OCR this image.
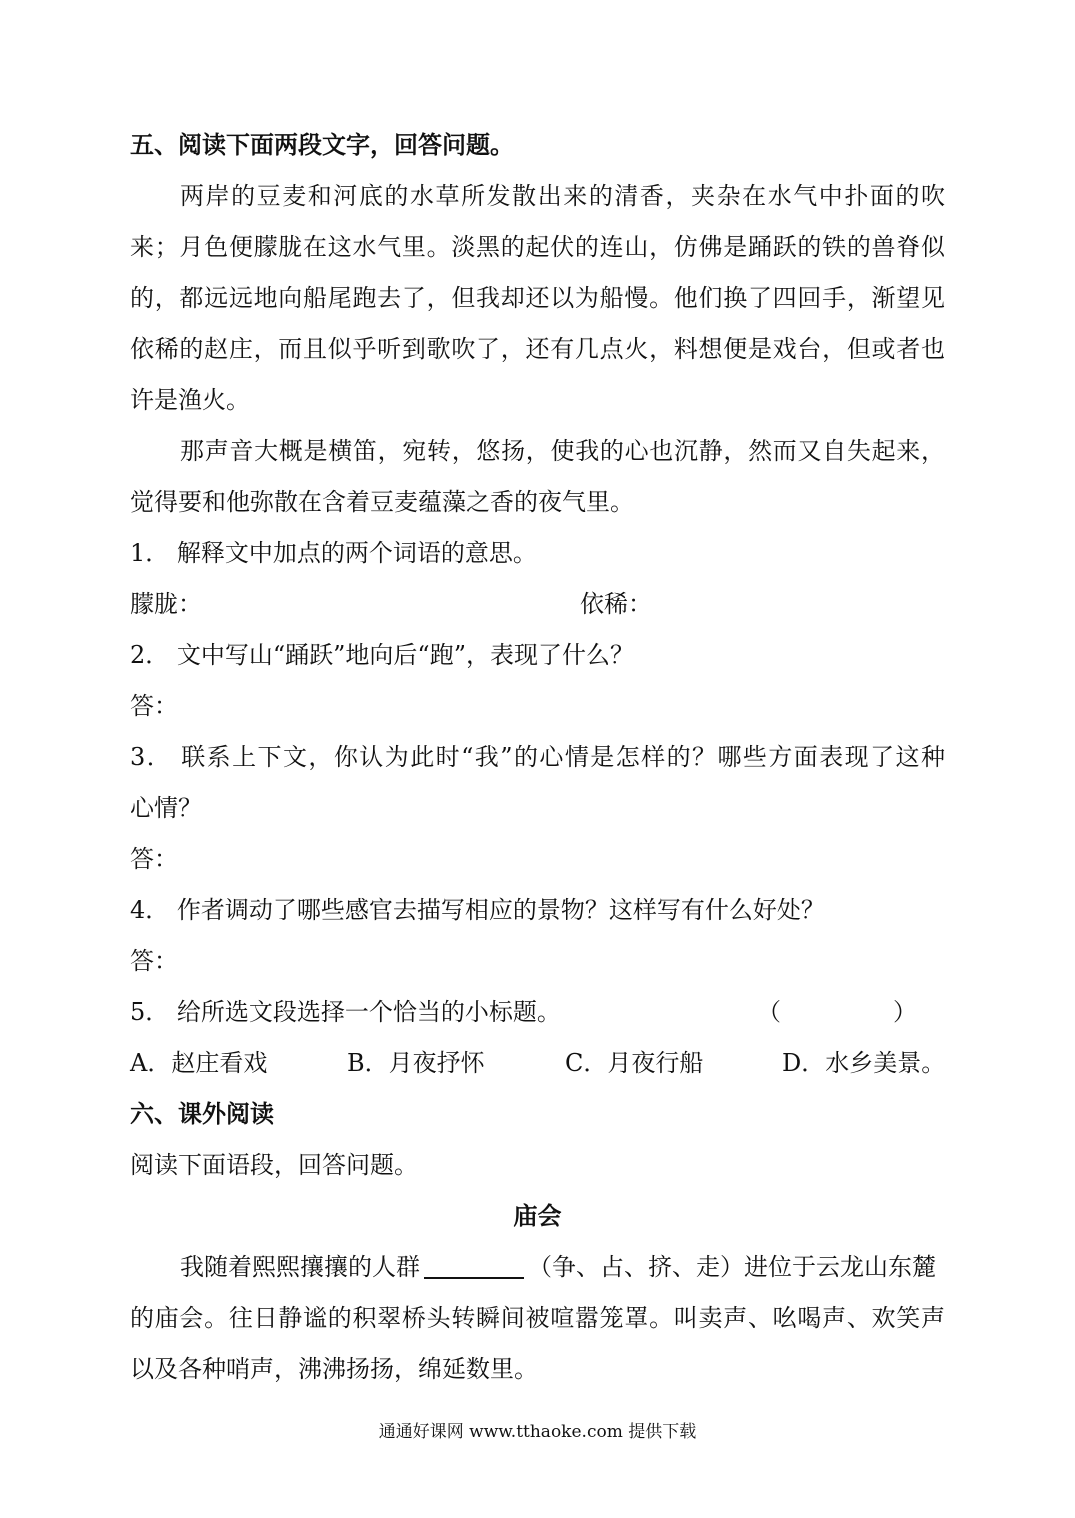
五、阅读下面两段文字，回答问题。
两岸的豆麦和河底的水草所发散出来的清香，夹杂在水气中扑面的吹
来；月色便朦胧在这水气里。淡黑的起伏的连山，仿佛是踊跃的铁的兽脊似
的，都远远地向船尾跑去了，但我却还以为船慢。他们换了四回手，渐望见
依稀的赵庄，而且似乎听到歌吹了，还有几点火，料想便是戏台，但或者也
许是渔火。
那声音大概是横笛，宛转，悠扬，使我的心也沉静，然而又自失起来，
觉得要和他弥散在含着豆麦蕴藻之香的夜气里。
1． 解释文中加点的两个词语的意思。
朦胧：	依稀：
2． 文中写山“踊跃”地向后“跑”，表现了什么？
答：
3． 联系上下文，你认为此时“我”的心情是怎样的？哪些方面表现了这种
心情？
答：
4． 作者调动了哪些感官去描写相应的景物？这样写有什么好处？
答：
5． 给所选文段选择一个恰当的小标题。	（	）
A．赵庄看戏	B．月夜抒怀	C．月夜行船	D．水乡美景。
六、课外阅读
阅读下面语段，回答问题。
庙会
我随着熙熙攘攘的人群	（争、占、挤、走）进位于云龙山东麓
的庙会。往日静谧的积翠桥头转瞬间被喧嚣笼罩。叫卖声、吆喝声、欢笑声
以及各种哨声，沸沸扬扬，绵延数里。
通通好课网 www.tthaoke.com 提供下载
